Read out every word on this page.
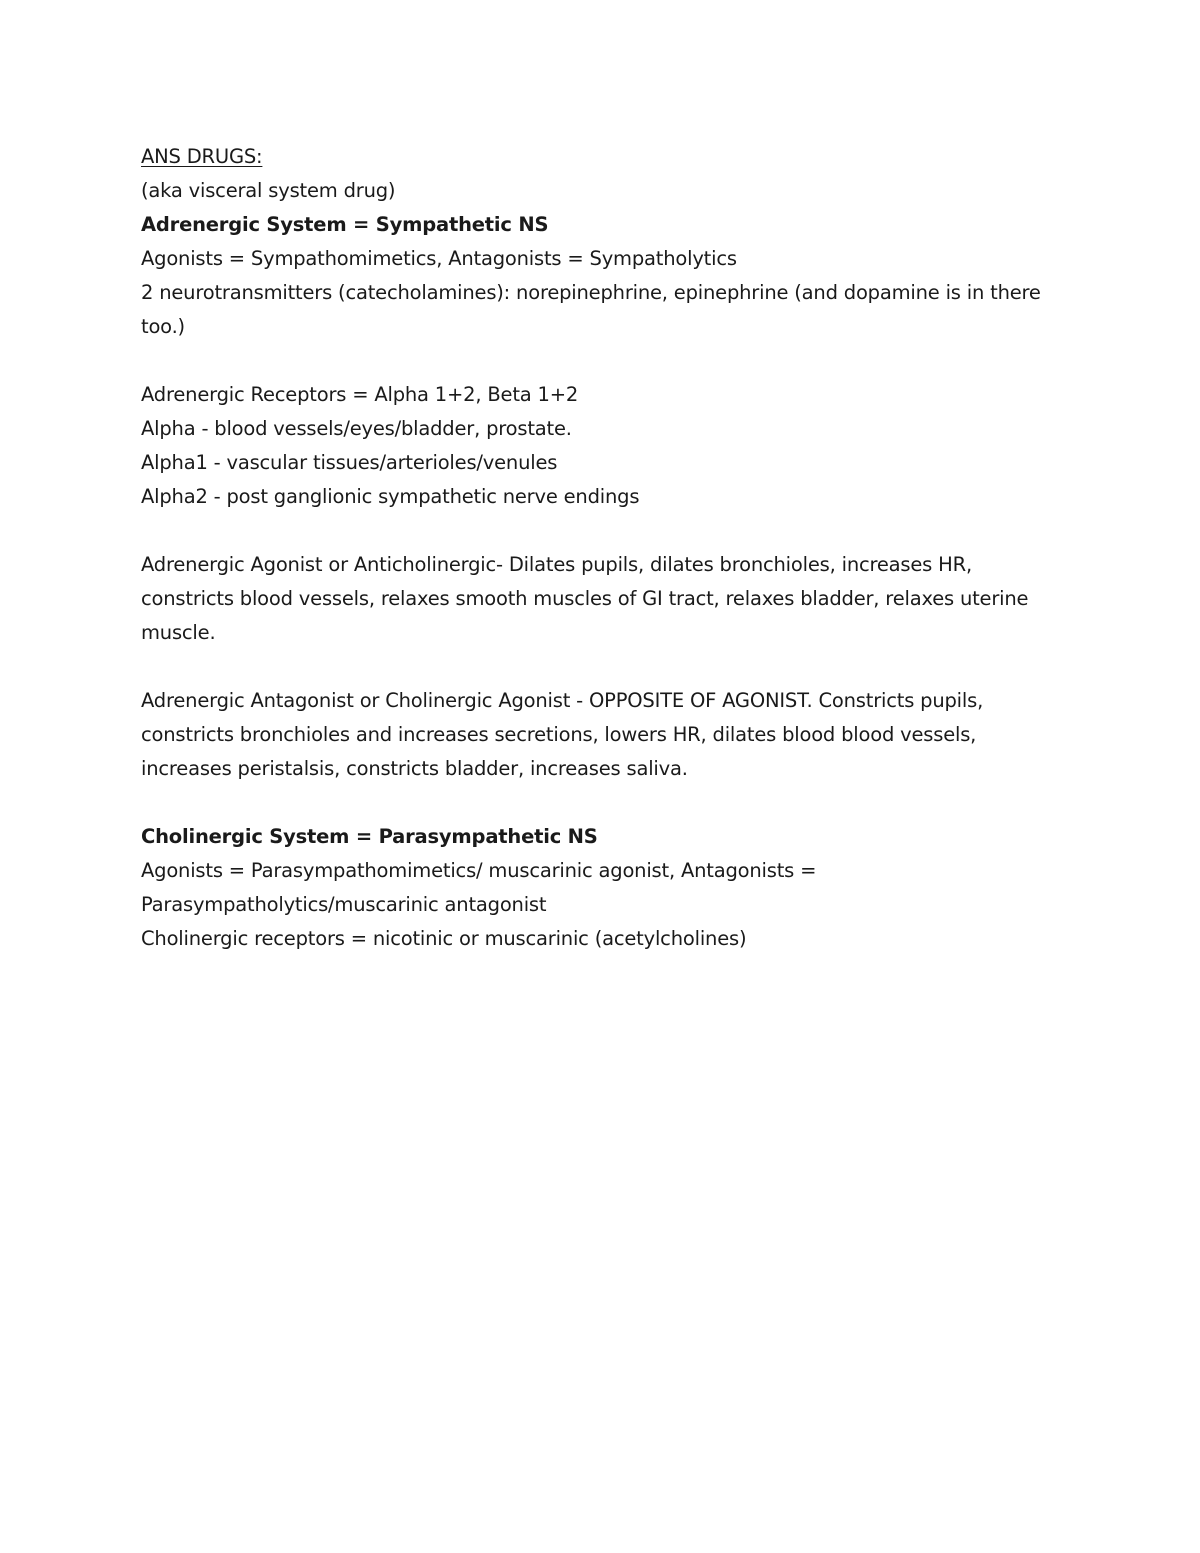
ANS DRUGS:

(aka visceral system drug)

Adrenergic System = Sympathetic NS

Agonists = Sympathomimetics, Antagonists = Sympatholytics

2 neurotransmitters (catecholamines): norepinephrine, epinephrine (and dopamine is in there too.)

Adrenergic Receptors = Alpha 1+2, Beta 1+2

Alpha - blood vessels/eyes/bladder, prostate.

Alpha1 - vascular tissues/arterioles/venules

Alpha2 - post ganglionic sympathetic nerve endings

Adrenergic Agonist or Anticholinergic- Dilates pupils, dilates bronchioles, increases HR, constricts blood vessels, relaxes smooth muscles of GI tract, relaxes bladder, relaxes uterine muscle.

Adrenergic Antagonist or Cholinergic Agonist - OPPOSITE OF AGONIST. Constricts pupils, constricts bronchioles and increases secretions, lowers HR, dilates blood blood vessels, increases peristalsis, constricts bladder, increases saliva.

Cholinergic System = Parasympathetic NS

Agonists = Parasympathomimetics/ muscarinic agonist, Antagonists = Parasympatholytics/muscarinic antagonist

Cholinergic receptors = nicotinic or muscarinic (acetylcholines)
